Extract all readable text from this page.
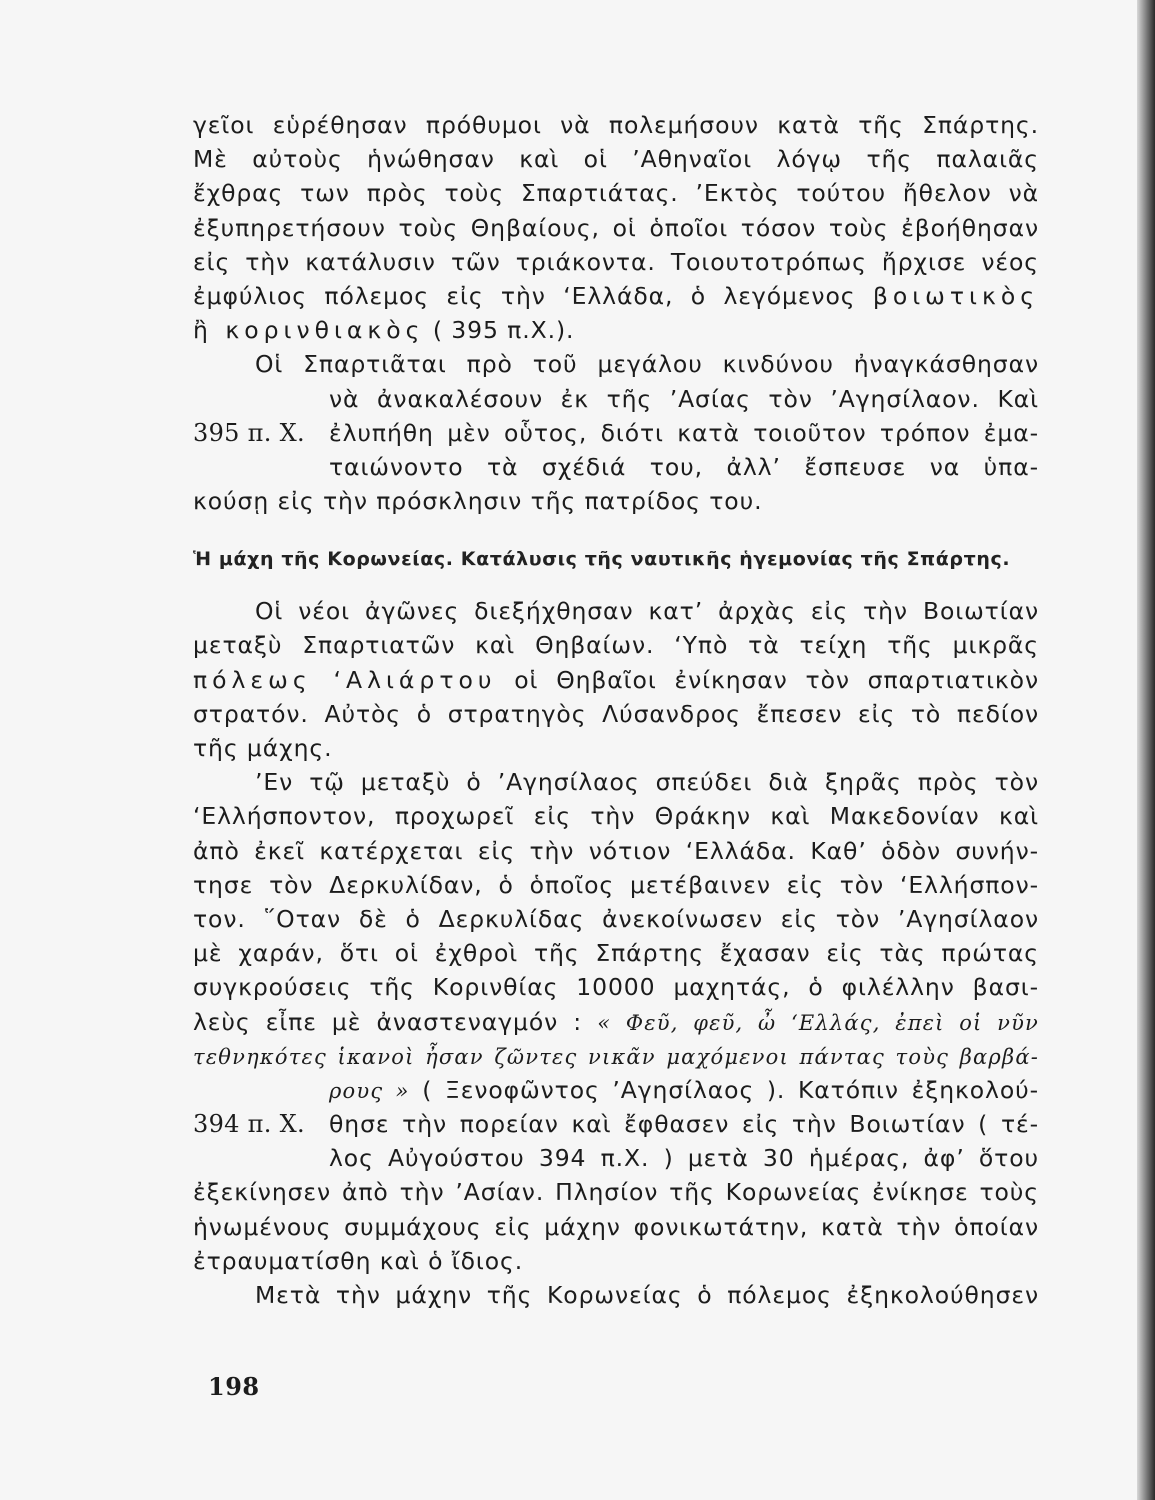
γεῖοι εὑρέθησαν πρόθυμοι νὰ πολεμήσουν κατὰ τῆς Σπάρτης.
Μὲ αὐτοὺς ἡνώθησαν καὶ οἱ ’Αθηναῖοι λόγῳ τῆς παλαιᾶς
ἔχθρας των πρὸς τοὺς Σπαρτιάτας. ’Εκτὸς τούτου ἤθελον νὰ
ἐξυπηρετήσουν τοὺς Θηβαίους, οἱ ὁποῖοι τόσον τοὺς ἐβοήθησαν
εἰς τὴν κατάλυσιν τῶν τριάκοντα. Τοιουτοτρόπως ἤρχισε νέος
ἐμφύλιος πόλεμος εἰς τὴν ‘Ελλάδα, ὁ λεγόμενος βοιωτικὸς
ἢ κορινθιακὸς ( 395 π.Χ.).
Οἱ Σπαρτιᾶται πρὸ τοῦ μεγάλου κινδύνου ἠναγκάσθησαν
νὰ ἀνακαλέσουν ἐκ τῆς ’Ασίας τὸν ’Αγησίλαον. Καὶ
395 π. Χ.	ἐλυπήθη μὲν οὗτος, διότι κατὰ τοιοῦτον τρόπον ἐμα-
ταιώνοντο τὰ σχέδιά του, ἀλλ’ ἔσπευσε να ὑπα-
κούσῃ εἰς τὴν πρόσκλησιν τῆς πατρίδος του.
Ἡ μάχη τῆς Κορωνείας. Κατάλυσις τῆς ναυτικῆς ἡγεμονίας τῆς Σπάρτης.
Οἱ νέοι ἀγῶνες διεξήχθησαν κατ’ ἀρχὰς εἰς τὴν Βοιωτίαν
μεταξὺ Σπαρτιατῶν καὶ Θηβαίων. ‘Υπὸ τὰ τείχη τῆς μικρᾶς
πόλεως ‘Αλιάρτου οἱ Θηβαῖοι ἐνίκησαν τὸν σπαρτιατικὸν
στρατόν. Αὐτὸς ὁ στρατηγὸς Λύσανδρος ἔπεσεν εἰς τὸ πεδίον
τῆς μάχης.
’Εν τῷ μεταξὺ ὁ ’Αγησίλαος σπεύδει διὰ ξηρᾶς πρὸς τὸν
‘Ελλήσποντον, προχωρεῖ εἰς τὴν Θράκην καὶ Μακεδονίαν καὶ
ἀπὸ ἐκεῖ κατέρχεται εἰς τὴν νότιον ‘Ελλάδα. Καθ’ ὁδὸν συνήν-
τησε τὸν Δερκυλίδαν, ὁ ὁποῖος μετέβαινεν εἰς τὸν ‘Ελλήσπον-
τον. ῞Οταν δὲ ὁ Δερκυλίδας ἀνεκοίνωσεν εἰς τὸν ’Αγησίλαον
μὲ χαράν, ὅτι οἱ ἐχθροὶ τῆς Σπάρτης ἔχασαν εἰς τὰς πρώτας
συγκρούσεις τῆς Κορινθίας 10000 μαχητάς, ὁ φιλέλλην βασι-
λεὺς εἶπε μὲ ἀναστεναγμόν : « Φεῦ, φεῦ, ὦ ‘Ελλάς, ἐπεὶ οἱ νῦν
τεθνηκότες ἱκανοὶ ἦσαν ζῶντες νικᾶν μαχόμενοι πάντας τοὺς βαρβά-
ρους » ( Ξενοφῶντος ’Αγησίλαος ). Κατόπιν ἐξηκολού-
394 π. Χ.	θησε τὴν πορείαν καὶ ἔφθασεν εἰς τὴν Βοιωτίαν ( τέ-
λος Αὐγούστου 394 π.Χ. ) μετὰ 30 ἡμέρας, ἀφ’ ὅτου
ἐξεκίνησεν ἀπὸ τὴν ’Ασίαν. Πλησίον τῆς Κορωνείας ἐνίκησε τοὺς
ἡνωμένους συμμάχους εἰς μάχην φονικωτάτην, κατὰ τὴν ὁποίαν
ἐτραυματίσθη καὶ ὁ ἴδιος.
Μετὰ τὴν μάχην τῆς Κορωνείας ὁ πόλεμος ἐξηκολούθησεν
198
